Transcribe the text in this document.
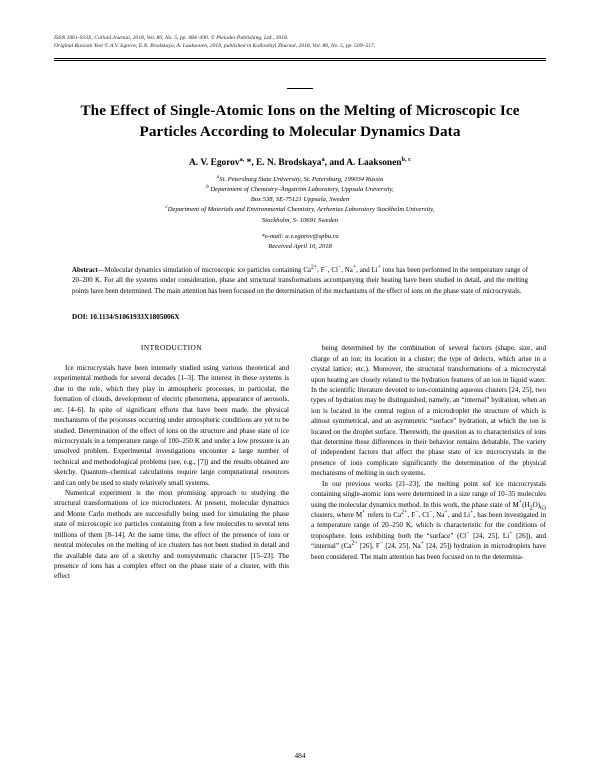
ISSN 1061-933X, Colloid Journal, 2018, Vol. 80, No. 5, pp. 484–490. © Pleiades Publishing, Ltd., 2018.
Original Russian Text © A.V. Egorov, E.N. Brodskaya, A. Laaksonen, 2018, published in Kolloidnyi Zhurnal, 2018, Vol. 80, No. 5, pp. 509–517.
The Effect of Single-Atomic Ions on the Melting of Microscopic Ice Particles According to Molecular Dynamics Data
A. V. Egorov$^{a,}$ *, E. N. Brodskaya$^a$, and A. Laaksonen$^{b, c}$
$^a$St. Petersburg State University, St. Petersburg, 199034 Russia
$^b$ Department of Chemistry–Ångström Laboratory, Uppsala University,
Box 538, SE-75121 Uppsala, Sweden
$^c$Department of Materials and Environmental Chemistry, Arrhenius Laboratory Stockholm University,
Stockholm, S- 10691 Sweden
*e-mail: a.v.egorov@spbu.ru
Received April 10, 2018
Abstract—Molecular dynamics simulation of microscopic ice particles containing $Ca^{2+}$, F−, Cl−, Na+, and Li+ ions has been performed in the temperature range of 20–200 K. For all the systems under consideration, phase and structural transformations accompanying their heating have been studied in detail, and the melting points have been determined. The main attention has been focused on the determination of the mechanisms of the effect of ions on the phase state of microcrystals.
DOI: 10.1134/S1061933X1805006X
INTRODUCTION

Ice microcrystals have been intensely studied using various theoretical and experimental methods for several decades [1–3]. The interest in these systems is due to the role, which they play in atmospheric processes, in particular, the formation of clouds, development of electric phenomena, appearance of aerosols, etc. [4–6]. In spite of significant efforts that have been made, the physical mechanisms of the processes occurring under atmospheric conditions are yet to be studied. Determination of the effect of ions on the structure and phase state of ice microcrystals in a temperature range of 100–250 K and under a low pressure is an unsolved problem. Experimental investigations encounter a large number of technical and methodological problems (see, e.g., [7]) and the results obtained are sketchy. Quantum–chemical calculations require large computational resources and can only be used to study relatively small systems.

Numerical experiment is the most promising approach to studying the structural transformations of ice microclusters. At present, molecular dynamics and Monte Carlo methods are successfully being used for simulating the phase state of microscopic ice particles containing from a few molecules to several tens millions of them [8–14]. At the same time, the effect of the presence of ions or neutral molecules on the melting of ice clusters has not been studied in detail and the available data are of a sketchy and nonsystematic character [15–23]. The presence of ions has a complex effect on the phase state of a cluster, with this effect

being determined by the combination of several factors (shape, size, and charge of an ion; its location in a cluster; the type of defects, which arise in a crystal lattice; etc.). Moreover, the structural transformations of a microcrystal upon heating are closely related to the hydration features of an ion in liquid water. In the scientific literature devoted to ion-containing aqueous clusters [24, 25], two types of hydration may be distinguished, namely, an “internal” hydration, when an ion is located in the central region of a microdroplet the structure of which is almost symmetrical, and an asymmetric “surface” hydration, at which the ion is located on the droplet surface. Therewith, the question as to characteristics of ions that determine these differences in their behavior remains debatable. The variety of independent factors that affect the phase state of ice microcrystals in the presence of ions complicate significantly the determination of the physical mechanisms of melting in such systems.

In our previous works [21–23], the melting point sof ice microcrystals containing single-atomic ions were determined in a size range of 10–35 molecules using the molecular dynamics method. In this work, the phase state of $M^+(H_2O)_{63}$ clusters, where M+ refers to $Ca^{2+}$, F−, Cl−, Na+, and Li+, has been investigated in a temperature range of 20–250 K, which is characteristic for the conditions of troposphere. Ions exhibiting both the “surface” (Cl− [24, 25], Li+ [26]), and “internal” ($Ca^{2+}$ [26], F− [24, 25], Na+ [24, 25]) hydration in microdroplets have been considered. The main attention has been focused on to the determina-

484
